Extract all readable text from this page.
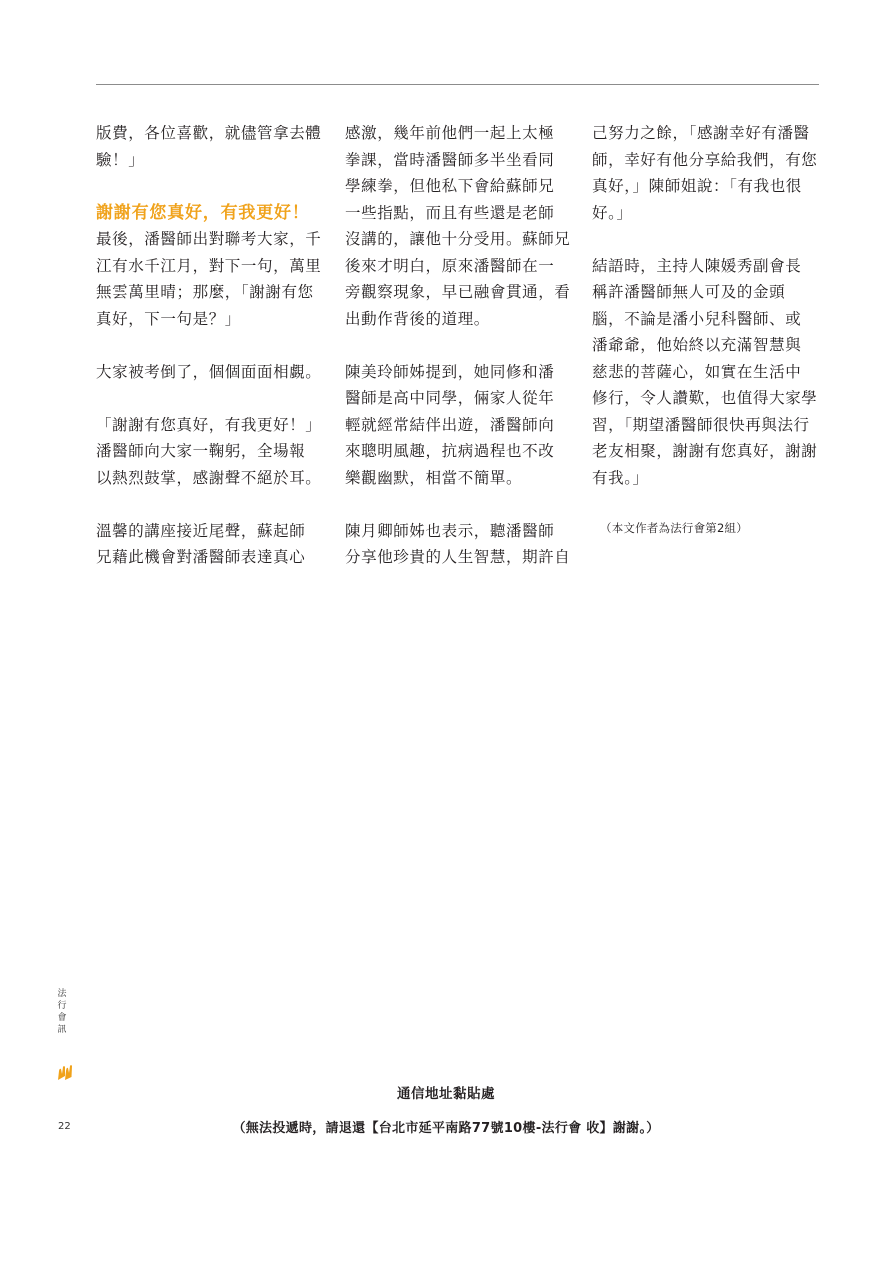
版費，各位喜歡，就儘管拿去體
驗！」

謝謝有您真好，有我更好！

最後，潘醫師出對聯考大家，千
江有水千江月，對下一句，萬里
無雲萬里晴；那麼，「謝謝有您
真好，下一句是？」

大家被考倒了，個個面面相覷。

「謝謝有您真好，有我更好！」
潘醫師向大家一鞠躬，全場報
以熱烈鼓掌，感謝聲不絕於耳。

溫馨的講座接近尾聲，蘇起師
兄藉此機會對潘醫師表達真心

感激，幾年前他們一起上太極
拳課，當時潘醫師多半坐看同
學練拳，但他私下會給蘇師兄
一些指點，而且有些還是老師
沒講的，讓他十分受用。蘇師兄
後來才明白，原來潘醫師在一
旁觀察現象，早已融會貫通，看
出動作背後的道理。

陳美玲師姊提到，她同修和潘
醫師是高中同學，倆家人從年
輕就經常結伴出遊，潘醫師向
來聰明風趣，抗病過程也不改
樂觀幽默，相當不簡單。

陳月卿師姊也表示，聽潘醫師
分享他珍貴的人生智慧，期許自

己努力之餘，「感謝幸好有潘醫
師，幸好有他分享給我們，有您
真好，」陳師姐說：「有我也很
好。」

結語時，主持人陳媛秀副會長
稱許潘醫師無人可及的金頭
腦，不論是潘小兒科醫師、或
潘爺爺，他始終以充滿智慧與
慈悲的菩薩心，如實在生活中
修行，令人讚歎，也值得大家學
習，「期望潘醫師很快再與法行
老友相聚，謝謝有您真好，謝謝
有我。」

（本文作者為法行會第2組）

法
行
會
訊
22
通信地址黏貼處
（無法投遞時，請退還【台北市延平南路77號10樓-法行會 收】謝謝。）
